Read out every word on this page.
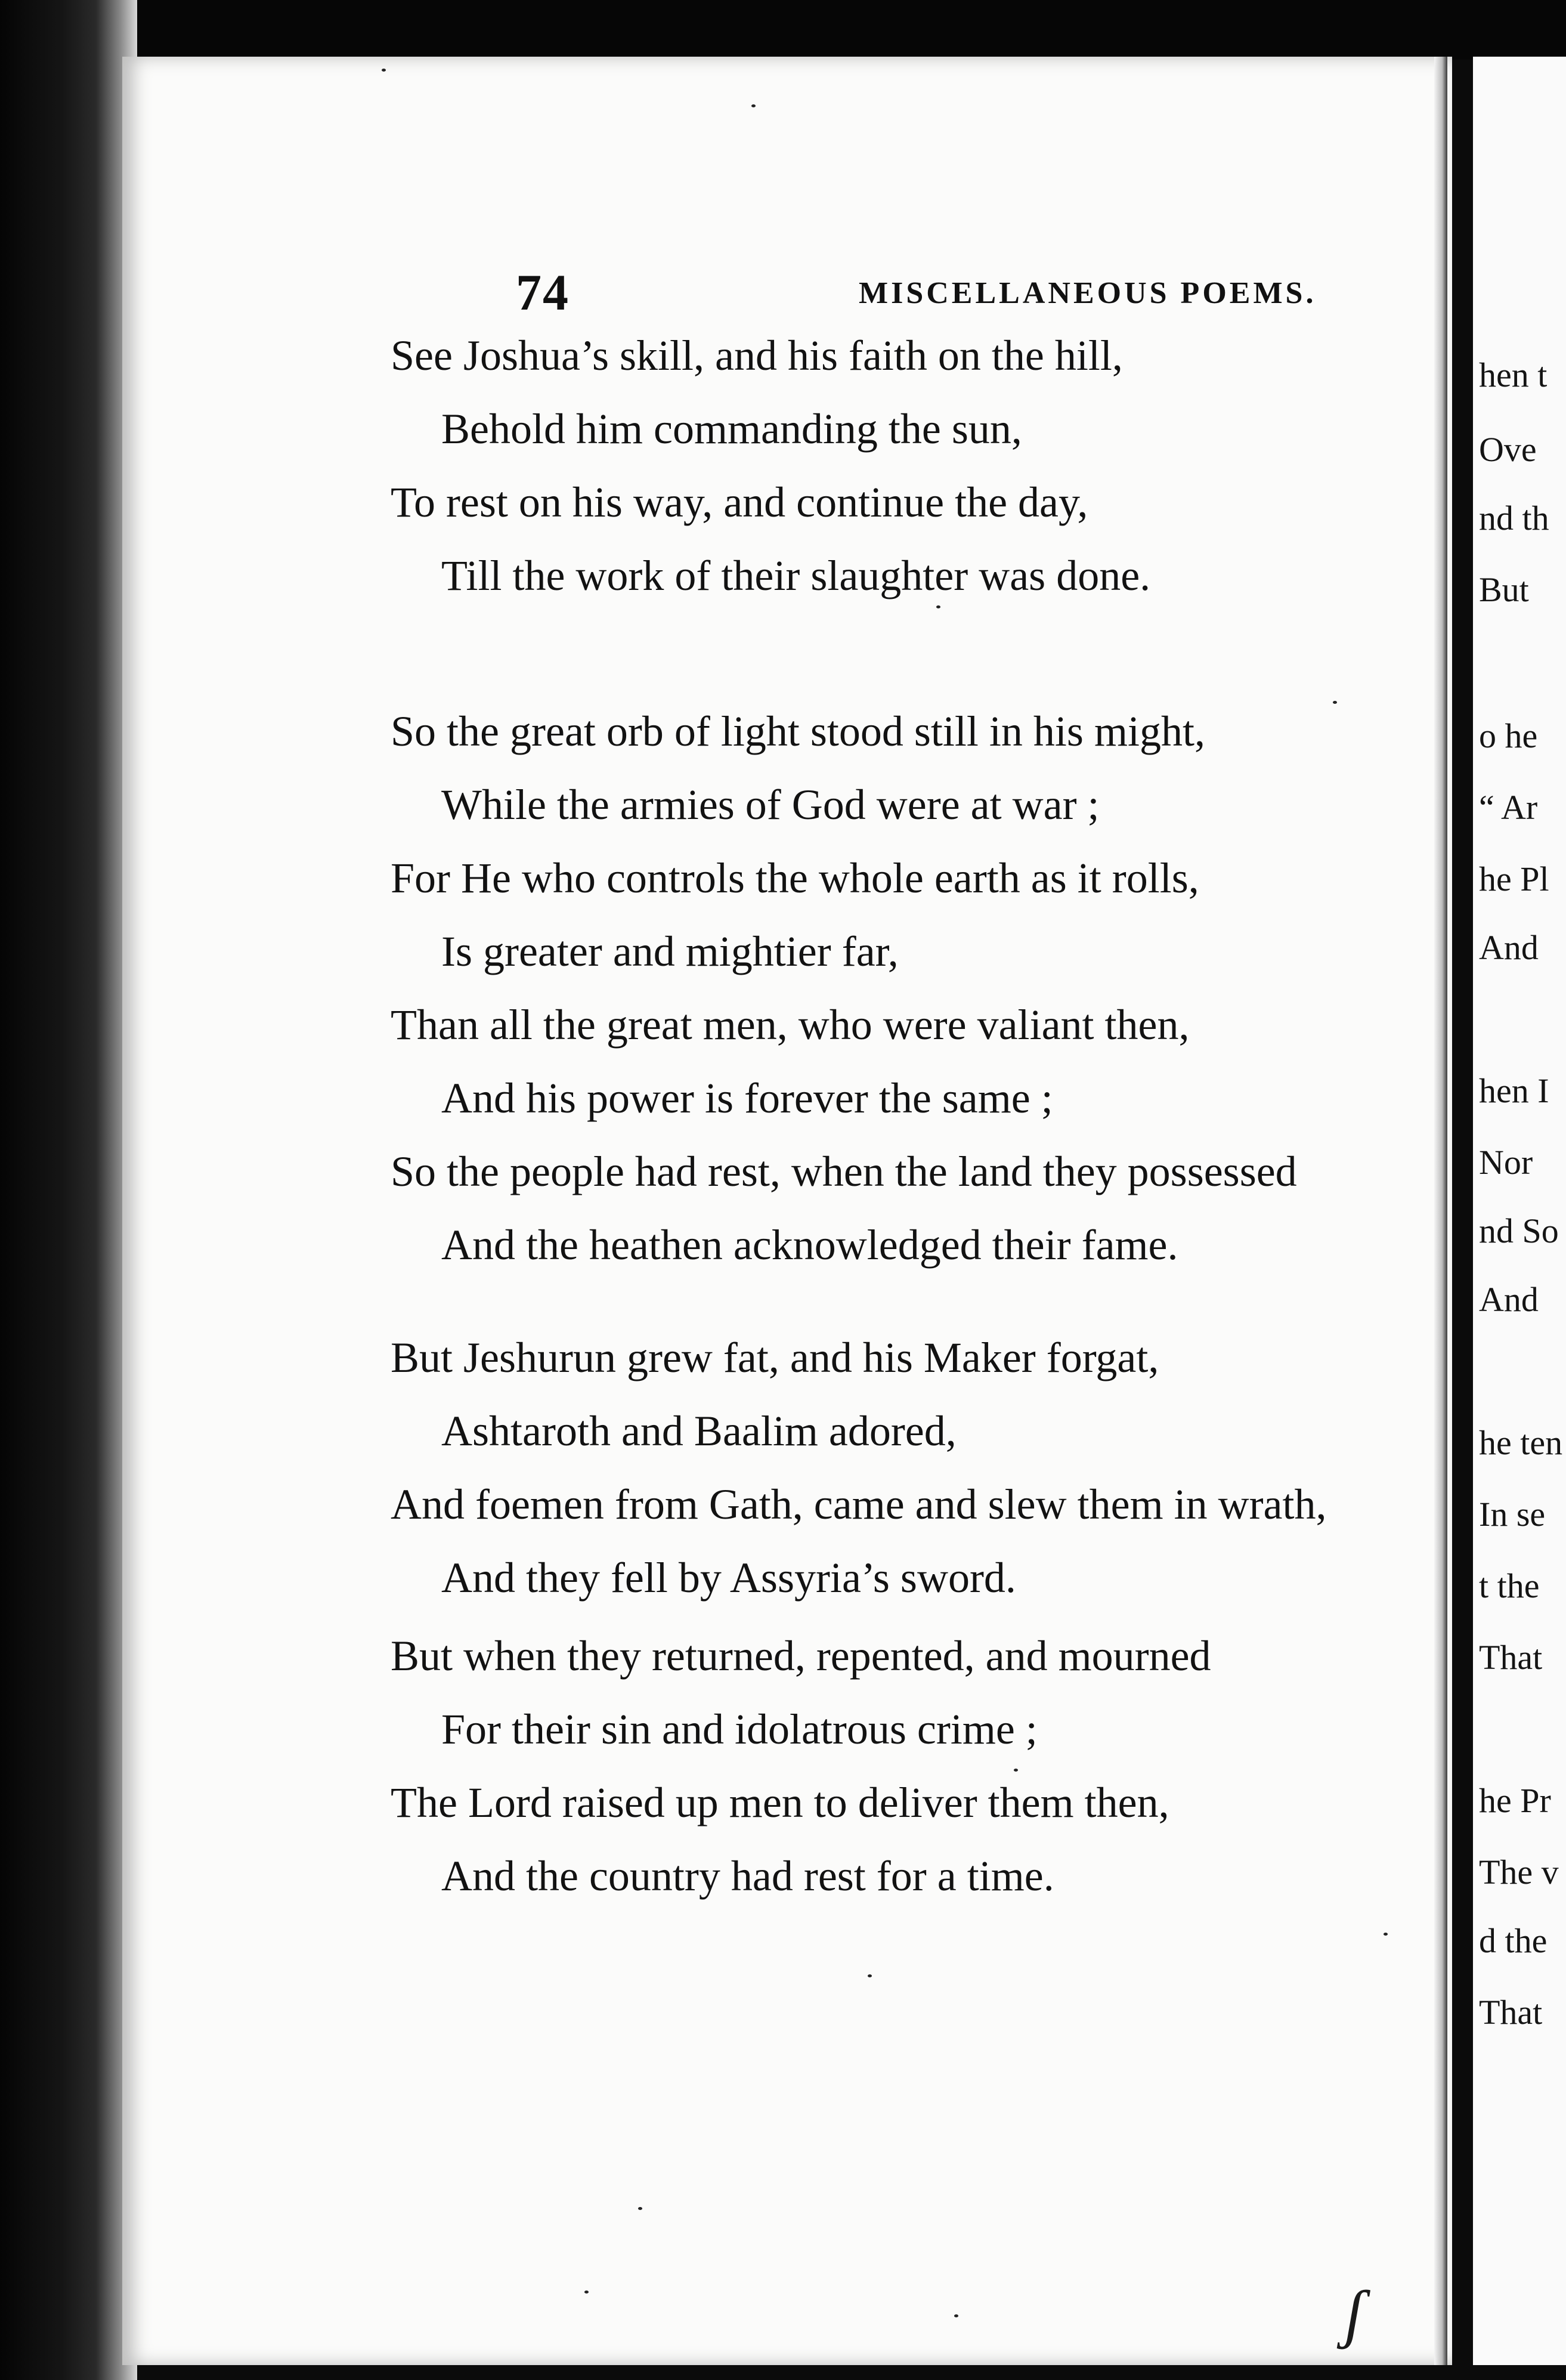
74	MISCELLANEOUS POEMS.
See Joshua’s skill, and his faith on the hill,
Behold him commanding the sun,
To rest on his way, and continue the day,
Till the work of their slaughter was done.
So the great orb of light stood still in his might,
While the armies of God were at war ;
For He who controls the whole earth as it rolls,
Is greater and mightier far,
Than all the great men, who were valiant then,
And his power is forever the same ;
So the people had rest, when the land they possessed
And the heathen acknowledged their fame.
But Jeshurun grew fat, and his Maker forgat,
Ashtaroth and Baalim adored,
And foemen from Gath, came and slew them in wrath,
And they fell by Assyria’s sword.
But when they returned, repented, and mourned
For their sin and idolatrous crime ;
The Lord raised up men to deliver them then,
And the country had rest for a time.
ʃ
hen t
Ove
nd th
But
o he
“ Ar
he Pl
And
hen I
Nor
nd So
And
he ten
In se
t the
That
he Pr
The v
d the
That
